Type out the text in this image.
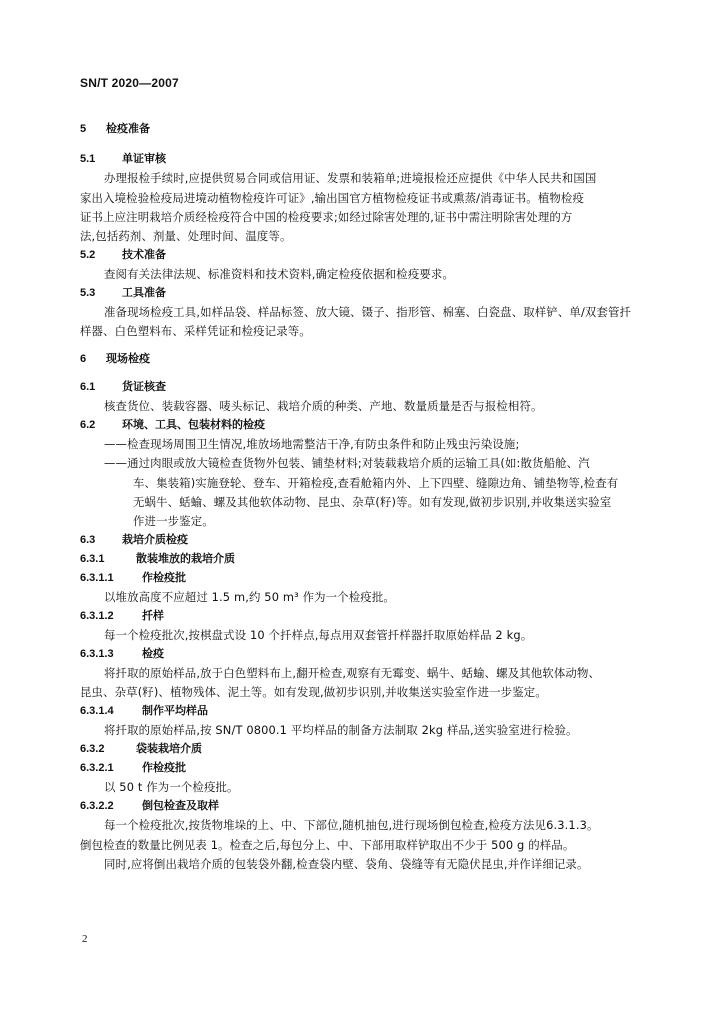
SN/T 2020—2007
5 检疫准备
5.1 单证审核
办理报检手续时,应提供贸易合同或信用证、发票和装箱单;进境报检还应提供《中华人民共和国国
家出入境检验检疫局进境动植物检疫许可证》,输出国官方植物检疫证书或熏蒸/消毒证书。植物检疫
证书上应注明栽培介质经检疫符合中国的检疫要求;如经过除害处理的,证书中需注明除害处理的方
法,包括药剂、剂量、处理时间、温度等。
5.2 技术准备
查阅有关法律法规、标准资料和技术资料,确定检疫依据和检疫要求。
5.3 工具准备
准备现场检疫工具,如样品袋、样品标签、放大镜、镊子、指形管、棉塞、白瓷盘、取样铲、单/双套管扦
样器、白色塑料布、采样凭证和检疫记录等。
6 现场检疫
6.1 货证核查
核查货位、装载容器、唛头标记、栽培介质的种类、产地、数量质量是否与报检相符。
6.2 环境、工具、包装材料的检疫
——检查现场周围卫生情况,堆放场地需整洁干净,有防虫条件和防止残虫污染设施;
——通过肉眼或放大镜检查货物外包装、铺垫材料;对装载栽培介质的运输工具(如:散货船舱、汽
车、集装箱)实施登轮、登车、开箱检疫,查看舱箱内外、上下四壁、缝隙边角、铺垫物等,检查有
无蜗牛、蛞蝓、螺及其他软体动物、昆虫、杂草(籽)等。如有发现,做初步识别,并收集送实验室
作进一步鉴定。
6.3 栽培介质检疫
6.3.1	散装堆放的栽培介质
6.3.1.1	作检疫批
以堆放高度不应超过 1.5 m,约 50 m³ 作为一个检疫批。
6.3.1.2	扦样
每一个检疫批次,按棋盘式设 10 个扦样点,每点用双套管扦样器扦取原始样品 2 kg。
6.3.1.3	检疫
将扦取的原始样品,放于白色塑料布上,翻开检查,观察有无霉变、蜗牛、蛞蝓、螺及其他软体动物、
昆虫、杂草(籽)、植物残体、泥土等。如有发现,做初步识别,并收集送实验室作进一步鉴定。
6.3.1.4	制作平均样品
将扦取的原始样品,按 SN/T 0800.1 平均样品的制备方法制取 2kg 样品,送实验室进行检验。
6.3.2	袋装栽培介质
6.3.2.1	作检疫批
以 50 t 作为一个检疫批。
6.3.2.2	倒包检查及取样
每一个检疫批次,按货物堆垛的上、中、下部位,随机抽包,进行现场倒包检查,检疫方法见6.3.1.3。
倒包检查的数量比例见表 1。检查之后,每包分上、中、下部用取样铲取出不少于 500 g 的样品。
同时,应将倒出栽培介质的包装袋外翻,检查袋内壁、袋角、袋缝等有无隐伏昆虫,并作详细记录。
2
